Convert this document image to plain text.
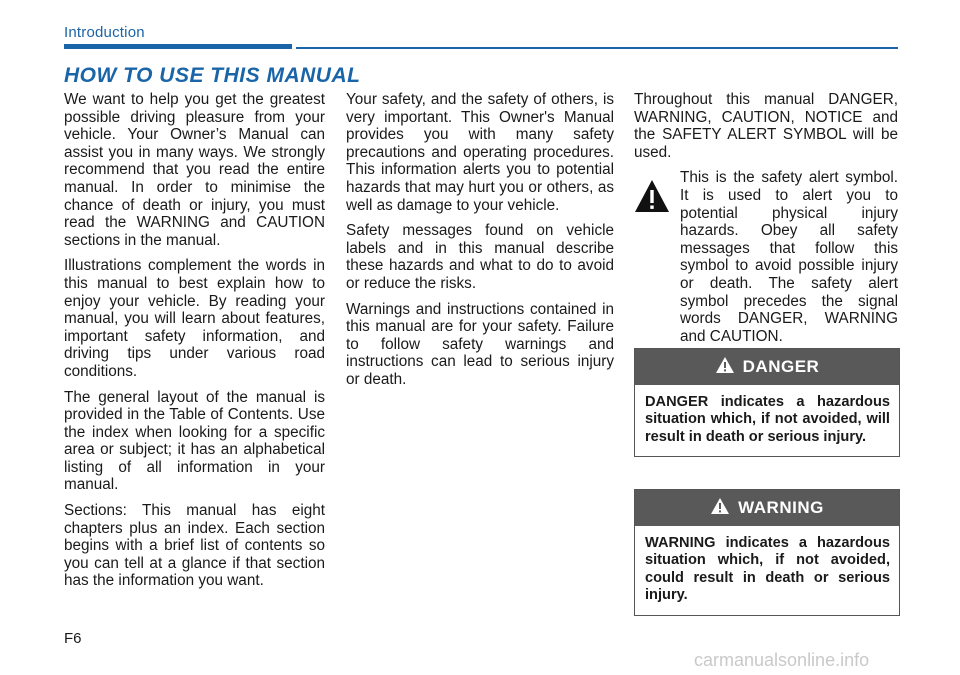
Introduction
HOW TO USE THIS MANUAL

We want to help you get the greatest possible driving pleasure from your vehicle. Your Owner’s Manual can assist you in many ways. We strongly recommend that you read the entire manual. In order to minimise the chance of death or injury, you must read the WARNING and CAUTION sections in the manual.

Illustrations complement the words in this manual to best explain how to enjoy your vehicle. By reading your manual, you will learn about features, important safety information, and driving tips under various road conditions.

The general layout of the manual is provided in the Table of Contents. Use the index when looking for a specific area or subject; it has an alphabetical listing of all information in your manual.

Sections: This manual has eight chapters plus an index. Each section begins with a brief list of contents so you can tell at a glance if that section has the information you want.

Your safety, and the safety of others, is very important. This Owner's Manual provides you with many safety precautions and operating procedures. This information alerts you to potential hazards that may hurt you or others, as well as damage to your vehicle.

Safety messages found on vehicle labels and in this manual describe these hazards and what to do to avoid or reduce the risks.

Warnings and instructions contained in this manual are for your safety. Failure to follow safety warnings and instructions can lead to serious injury or death.

Throughout this manual DANGER, WARNING, CAUTION, NOTICE and the SAFETY ALERT SYMBOL will be used.

This is the safety alert symbol. It is used to alert you to potential physical injury hazards. Obey all safety messages that follow this symbol to avoid possible injury or death. The safety alert symbol precedes the signal words DANGER, WARNING and CAUTION.
DANGER
DANGER indicates a hazardous situation which, if not avoided, will result in death or serious injury.
WARNING
WARNING indicates a hazardous situation which, if not avoided, could result in death or serious injury.
F6
carmanualsonline.info
